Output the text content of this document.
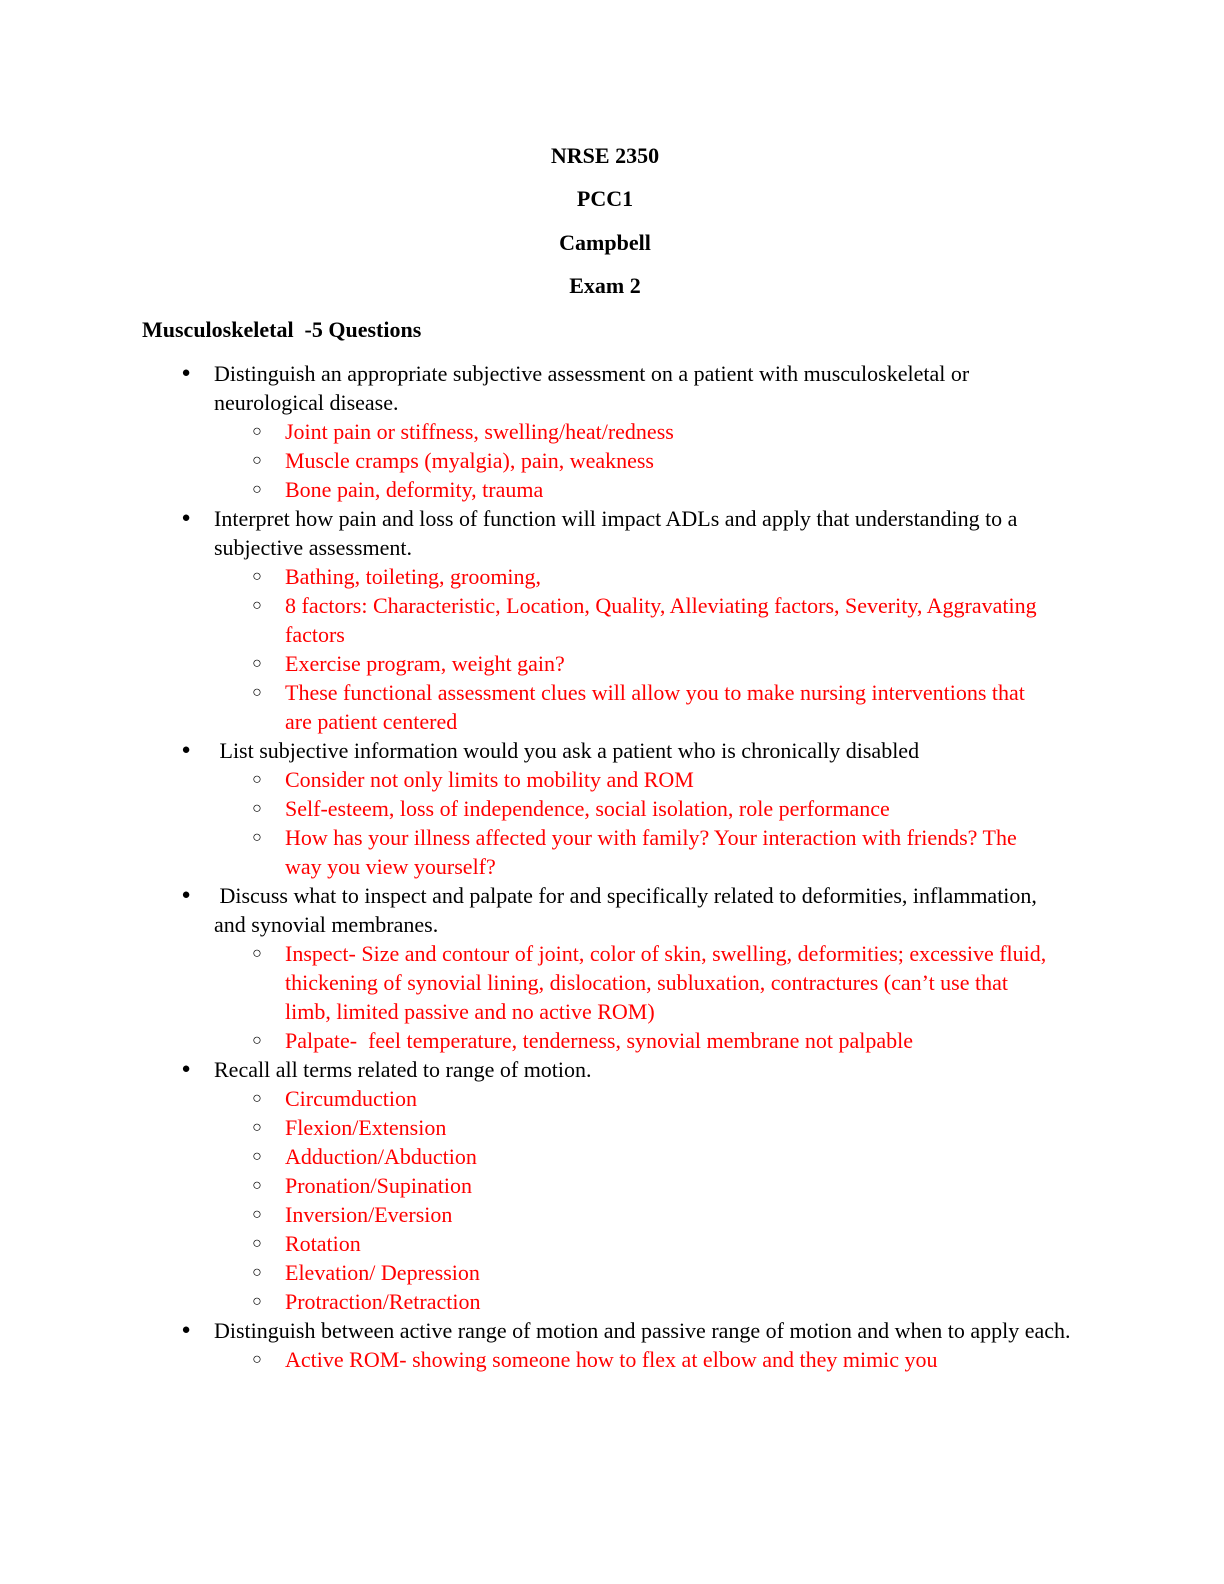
NRSE 2350
PCC1
Campbell
Exam 2
Musculoskeletal  -5 Questions
● Distinguish an appropriate subjective assessment on a patient with musculoskeletal or neurological disease.
○ Joint pain or stiffness, swelling/heat/redness
○ Muscle cramps (myalgia), pain, weakness
○ Bone pain, deformity, trauma
● Interpret how pain and loss of function will impact ADLs and apply that understanding to a subjective assessment.
○ Bathing, toileting, grooming,
○ 8 factors: Characteristic, Location, Quality, Alleviating factors, Severity, Aggravating factors
○ Exercise program, weight gain?
○ These functional assessment clues will allow you to make nursing interventions that are patient centered
● List subjective information would you ask a patient who is chronically disabled
○ Consider not only limits to mobility and ROM
○ Self-esteem, loss of independence, social isolation, role performance
○ How has your illness affected your with family? Your interaction with friends? The way you view yourself?
● Discuss what to inspect and palpate for and specifically related to deformities, inflammation, and synovial membranes.
○ Inspect- Size and contour of joint, color of skin, swelling, deformities; excessive fluid, thickening of synovial lining, dislocation, subluxation, contractures (can’t use that limb, limited passive and no active ROM)
○ Palpate-  feel temperature, tenderness, synovial membrane not palpable
● Recall all terms related to range of motion.
○ Circumduction
○ Flexion/Extension
○ Adduction/Abduction
○ Pronation/Supination
○ Inversion/Eversion
○ Rotation
○ Elevation/ Depression
○ Protraction/Retraction
● Distinguish between active range of motion and passive range of motion and when to apply each.
○ Active ROM- showing someone how to flex at elbow and they mimic you
